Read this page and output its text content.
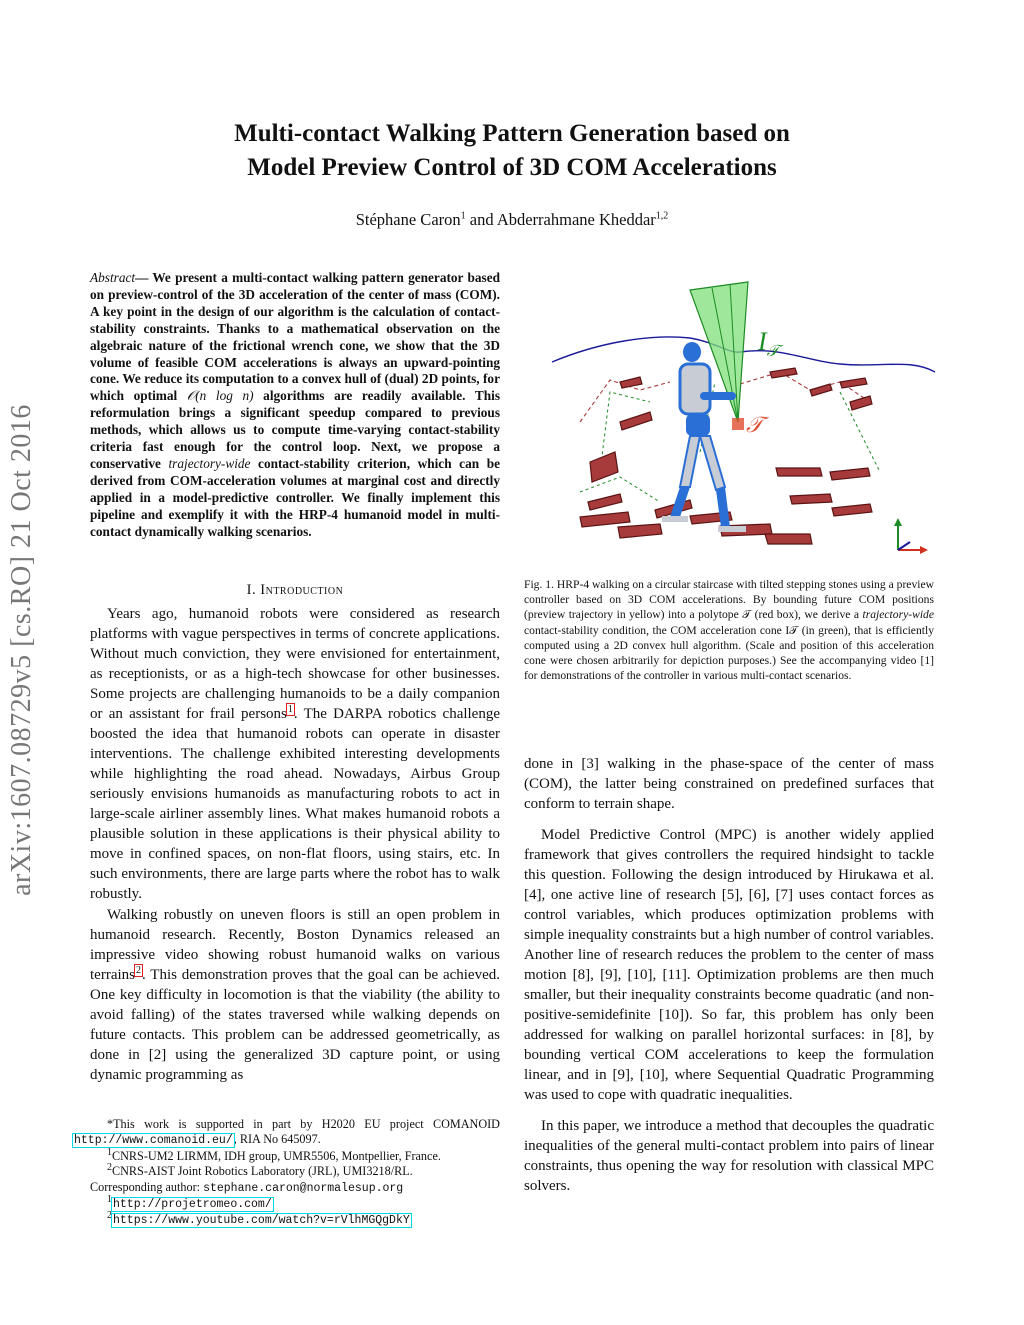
Multi-contact Walking Pattern Generation based on
Model Preview Control of 3D COM Accelerations
Stéphane Caron$^1$ and Abderrahmane Kheddar$^{1,2}$
arXiv:1607.08729v5 [cs.RO] 21 Oct 2016
Abstract— We present a multi-contact walking pattern generator based on preview-control of the 3D acceleration of the center of mass (COM). A key point in the design of our algorithm is the calculation of contact-stability constraints. Thanks to a mathematical observation on the algebraic nature of the frictional wrench cone, we show that the 3D volume of feasible COM accelerations is always an upward-pointing cone. We reduce its computation to a convex hull of (dual) 2D points, for which optimal 𝒪(n log n) algorithms are readily available. This reformulation brings a significant speedup compared to previous methods, which allows us to compute time-varying contact-stability criteria fast enough for the control loop. Next, we propose a conservative trajectory-wide contact-stability criterion, which can be derived from COM-acceleration volumes at marginal cost and directly applied in a model-predictive controller. We finally implement this pipeline and exemplify it with the HRP-4 humanoid model in multi-contact dynamically walking scenarios.
I. Introduction

Years ago, humanoid robots were considered as research platforms with vague perspectives in terms of concrete applications. Without much conviction, they were envisioned for entertainment, as receptionists, or as a high-tech showcase for other businesses. Some projects are challenging humanoids to be a daily companion or an assistant for frail persons$^1$. The DARPA robotics challenge boosted the idea that humanoid robots can operate in disaster interventions. The challenge exhibited interesting developments while highlighting the road ahead. Nowadays, Airbus Group seriously envisions humanoids as manufacturing robots to act in large-scale airliner assembly lines. What makes humanoid robots a plausible solution in these applications is their physical ability to move in confined spaces, on non-flat floors, using stairs, etc. In such environments, there are large parts where the robot has to walk robustly.

Walking robustly on uneven floors is still an open problem in humanoid research. Recently, Boston Dynamics released an impressive video showing robust humanoid walks on various terrains$^2$. This demonstration proves that the goal can be achieved. One key difficulty in locomotion is that the viability (the ability to avoid falling) of the states traversed while walking depends on future contacts. This problem can be addressed geometrically, as done in [2] using the generalized 3D capture point, or using dynamic programming as

*This work is supported in part by H2020 EU project COMANOID http://www.comanoid.eu/, RIA No 645097.
$^1$CNRS-UM2 LIRMM, IDH group, UMR5506, Montpellier, France.
$^2$CNRS-AIST Joint Robotics Laboratory (JRL), UMI3218/RL.
Corresponding author: stephane.caron@normalesup.org
$^1$http://projetromeo.com/
$^2$https://www.youtube.com/watch?v=rVlhMGQgDkY
$I_𝒯$
𝒯
Fig. 1. HRP-4 walking on a circular staircase with tilted stepping stones using a preview controller based on 3D COM accelerations. By bounding future COM positions (preview trajectory in yellow) into a polytope 𝒯 (red box), we derive a trajectory-wide contact-stability condition, the COM acceleration cone I𝒯 (in green), that is efficiently computed using a 2D convex hull algorithm. (Scale and position of this acceleration cone were chosen arbitrarily for depiction purposes.) See the accompanying video [1] for demonstrations of the controller in various multi-contact scenarios.

done in [3] walking in the phase-space of the center of mass (COM), the latter being constrained on predefined surfaces that conform to terrain shape.

Model Predictive Control (MPC) is another widely applied framework that gives controllers the required hindsight to tackle this question. Following the design introduced by Hirukawa et al. [4], one active line of research [5], [6], [7] uses contact forces as control variables, which produces optimization problems with simple inequality constraints but a high number of control variables. Another line of research reduces the problem to the center of mass motion [8], [9], [10], [11]. Optimization problems are then much smaller, but their inequality constraints become quadratic (and non-positive-semidefinite [10]). So far, this problem has only been addressed for walking on parallel horizontal surfaces: in [8], by bounding vertical COM accelerations to keep the formulation linear, and in [9], [10], where Sequential Quadratic Programming was used to cope with quadratic inequalities.

In this paper, we introduce a method that decouples the quadratic inequalities of the general multi-contact problem into pairs of linear constraints, thus opening the way for resolution with classical MPC solvers.
